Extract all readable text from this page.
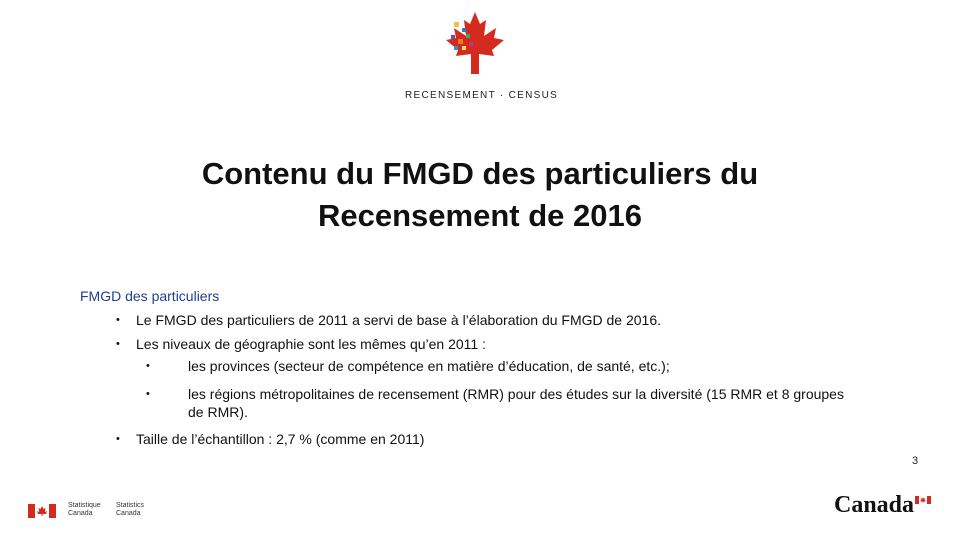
RECENSEMENT · CENSUS
Contenu du FMGD des particuliers du
Recensement de 2016
FMGD des particuliers
• Le FMGD des particuliers de 2011 a servi de base à l’élaboration du FMGD de 2016.
• Les niveaux de géographie sont les mêmes qu’en 2011 :
•	les provinces (secteur de compétence en matière d’éducation, de santé, etc.);
•	les régions métropolitaines de recensement (RMR) pour des études sur la diversité (15 RMR et 8 groupes de RMR).
• Taille de l’échantillon : 2,7 % (comme en 2011)
3
Statistique
Canada
Statistics
Canada	Canada
